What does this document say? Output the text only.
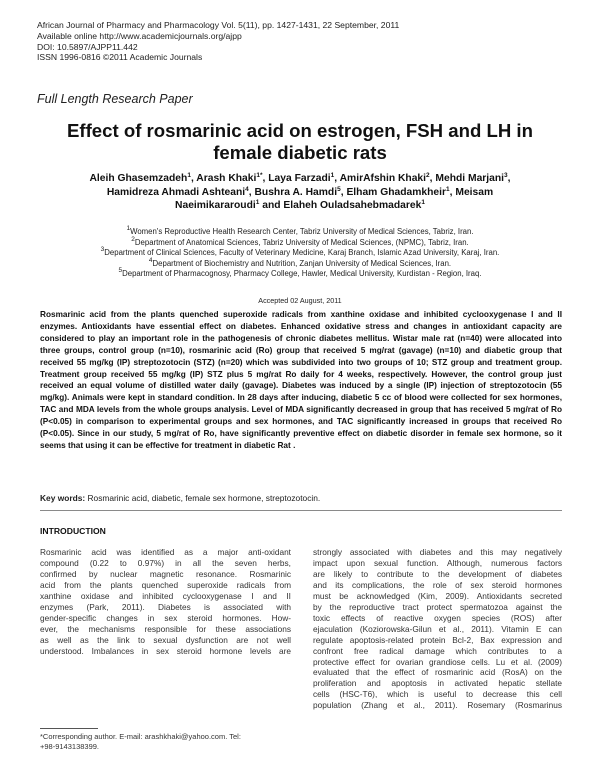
African Journal of Pharmacy and Pharmacology Vol. 5(11), pp. 1427-1431, 22 September, 2011
Available online http://www.academicjournals.org/ajpp
DOI: 10.5897/AJPP11.442
ISSN 1996-0816 ©2011 Academic Journals
Full Length Research Paper
Effect of rosmarinic acid on estrogen, FSH and LH in
female diabetic rats
Aleih Ghasemzadeh$^1$, Arash Khaki$^{1*}$, Laya Farzadi$^1$, AmirAfshin Khaki$^2$, Mehdi Marjani$^3$,
Hamidreza Ahmadi Ashteani$^4$, Bushra A. Hamdi$^5$, Elham Ghadamkheir$^1$, Meisam
Naeimikararoudi$^1$ and Elaheh Ouladsahebmadarek$^1$
$^1$Women's Reproductive Health Research Center, Tabriz University of Medical Sciences, Tabriz, Iran.
$^2$Department of Anatomical Sciences, Tabriz University of Medical Sciences, (NPMC), Tabriz, Iran.
$^3$Department of Clinical Sciences, Faculty of Veterinary Medicine, Karaj Branch, Islamic Azad University, Karaj, Iran.
$^4$Department of Biochemistry and Nutrition, Zanjan University of Medical Sciences, Iran.
$^5$Department of Pharmacognosy, Pharmacy College, Hawler, Medical University, Kurdistan - Region, Iraq.
Accepted 02 August, 2011
Rosmarinic acid from the plants quenched superoxide radicals from xanthine oxidase and inhibited cyclooxygenase I and II enzymes. Antioxidants have essential effect on diabetes. Enhanced oxidative stress and changes in antioxidant capacity are considered to play an important role in the pathogenesis of chronic diabetes mellitus. Wistar male rat (n=40) were allocated into three groups, control group (n=10), rosmarinic acid (Ro) group that received 5 mg/rat (gavage) (n=10) and diabetic group that received 55 mg/kg (IP) streptozotocin (STZ) (n=20) which was subdivided into two groups of 10; STZ group and treatment group. Treatment group received 55 mg/kg (IP) STZ plus 5 mg/rat Ro daily for 4 weeks, respectively. However, the control group just received an equal volume of distilled water daily (gavage). Diabetes was induced by a single (IP) injection of streptozotocin (55 mg/kg). Animals were kept in standard condition. In 28 days after inducing, diabetic 5 cc of blood were collected for sex hormones, TAC and MDA levels from the whole groups analysis. Level of MDA significantly decreased in group that has received 5 mg/rat of Ro (P<0.05) in comparison to experimental groups and sex hormones, and TAC significantly increased in groups that received Ro (P<0.05). Since in our study, 5 mg/rat of Ro, have significantly preventive effect on diabetic disorder in female sex hormone, so it seems that using it can be effective for treatment in diabetic Rat .
Key words: Rosmarinic acid, diabetic, female sex hormone, streptozotocin.
INTRODUCTION
Rosmarinic acid was identified as a major anti-oxidant
compound (0.22 to 0.97%) in all the seven herbs,
confirmed by nuclear magnetic resonance. Rosmarinic
acid from the plants quenched superoxide radicals from
xanthine oxidase and inhibited cyclooxygenase I and II
enzymes (Park, 2011). Diabetes is associated with
gender-specific changes in sex steroid hormones. How-
ever, the mechanisms responsible for these associations
as well as the link to sexual dysfunction are not well
understood. Imbalances in sex steroid hormone levels are
strongly associated with diabetes and this may negatively
impact upon sexual function. Although, numerous factors
are likely to contribute to the development of diabetes
and its complications, the role of sex steroid hormones
must be acknowledged (Kim, 2009). Antioxidants secreted
by the reproductive tract protect spermatozoa against the
toxic effects of reactive oxygen species (ROS) after
ejaculation (Koziorowska-Gilun et al., 2011). Vitamin E can
regulate apoptosis-related protein Bcl-2, Bax expression and
confront free radical damage which contributes to a
protective effect for ovarian grandiose cells. Lu et al. (2009)
evaluated that the effect of rosmarinic acid (RosA) on the
proliferation and apoptosis in activated hepatic stellate
cells (HSC-T6), which is useful to decrease this cell
population (Zhang et al., 2011). Rosemary (Rosmarinus
*Corresponding author. E-mail: arashkhaki@yahoo.com. Tel:
+98-9143138399.
